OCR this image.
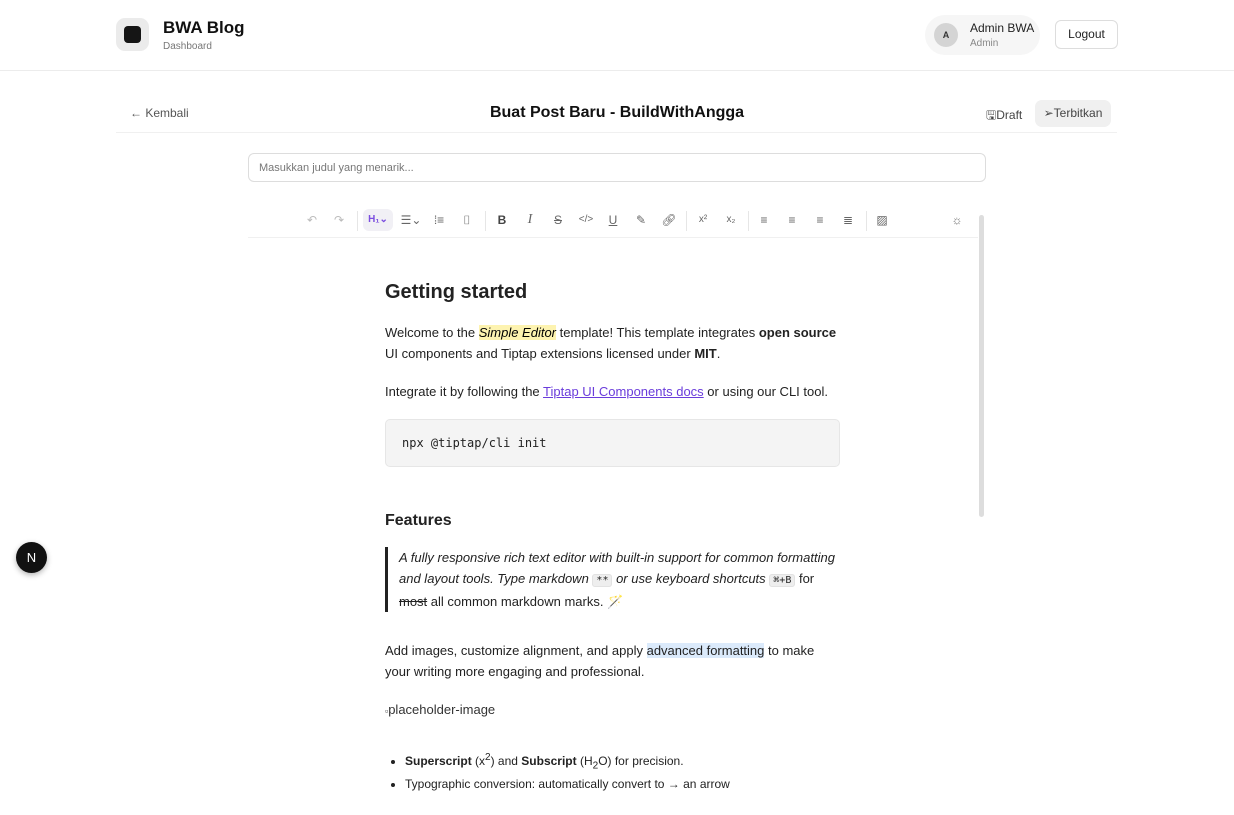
BWA Blog
Dashboard
A	Admin BWA
Admin
Logout
← Kembali	Buat Post Baru - BuildWithAngga	🖫Draft	➢Terbitkan
Masukkan judul yang menarik...
↶	↷	H₁⌄	☰⌄	⁞≡	⌷	B	I	S	</>	U	✎	🔗︎	x²	x₂	≡	≡	≡	≣	▨	☼
Getting started

Welcome to the Simple Editor template! This template integrates open source UI components and Tiptap extensions licensed under MIT.

Integrate it by following the Tiptap UI Components docs or using our CLI tool.

npx @tiptap/cli init
Features
A fully responsive rich text editor with built-in support for common formatting and layout tools. Type markdown ** or use keyboard shortcuts ⌘+B for most all common markdown marks. 🪄

Add images, customize alignment, and apply advanced formatting to make your writing more engaging and professional.

▫placeholder-image
• Superscript $(x^2)$ and Subscript $(H_2O)$ for precision.
• Typographic conversion: automatically convert to → an arrow
N
